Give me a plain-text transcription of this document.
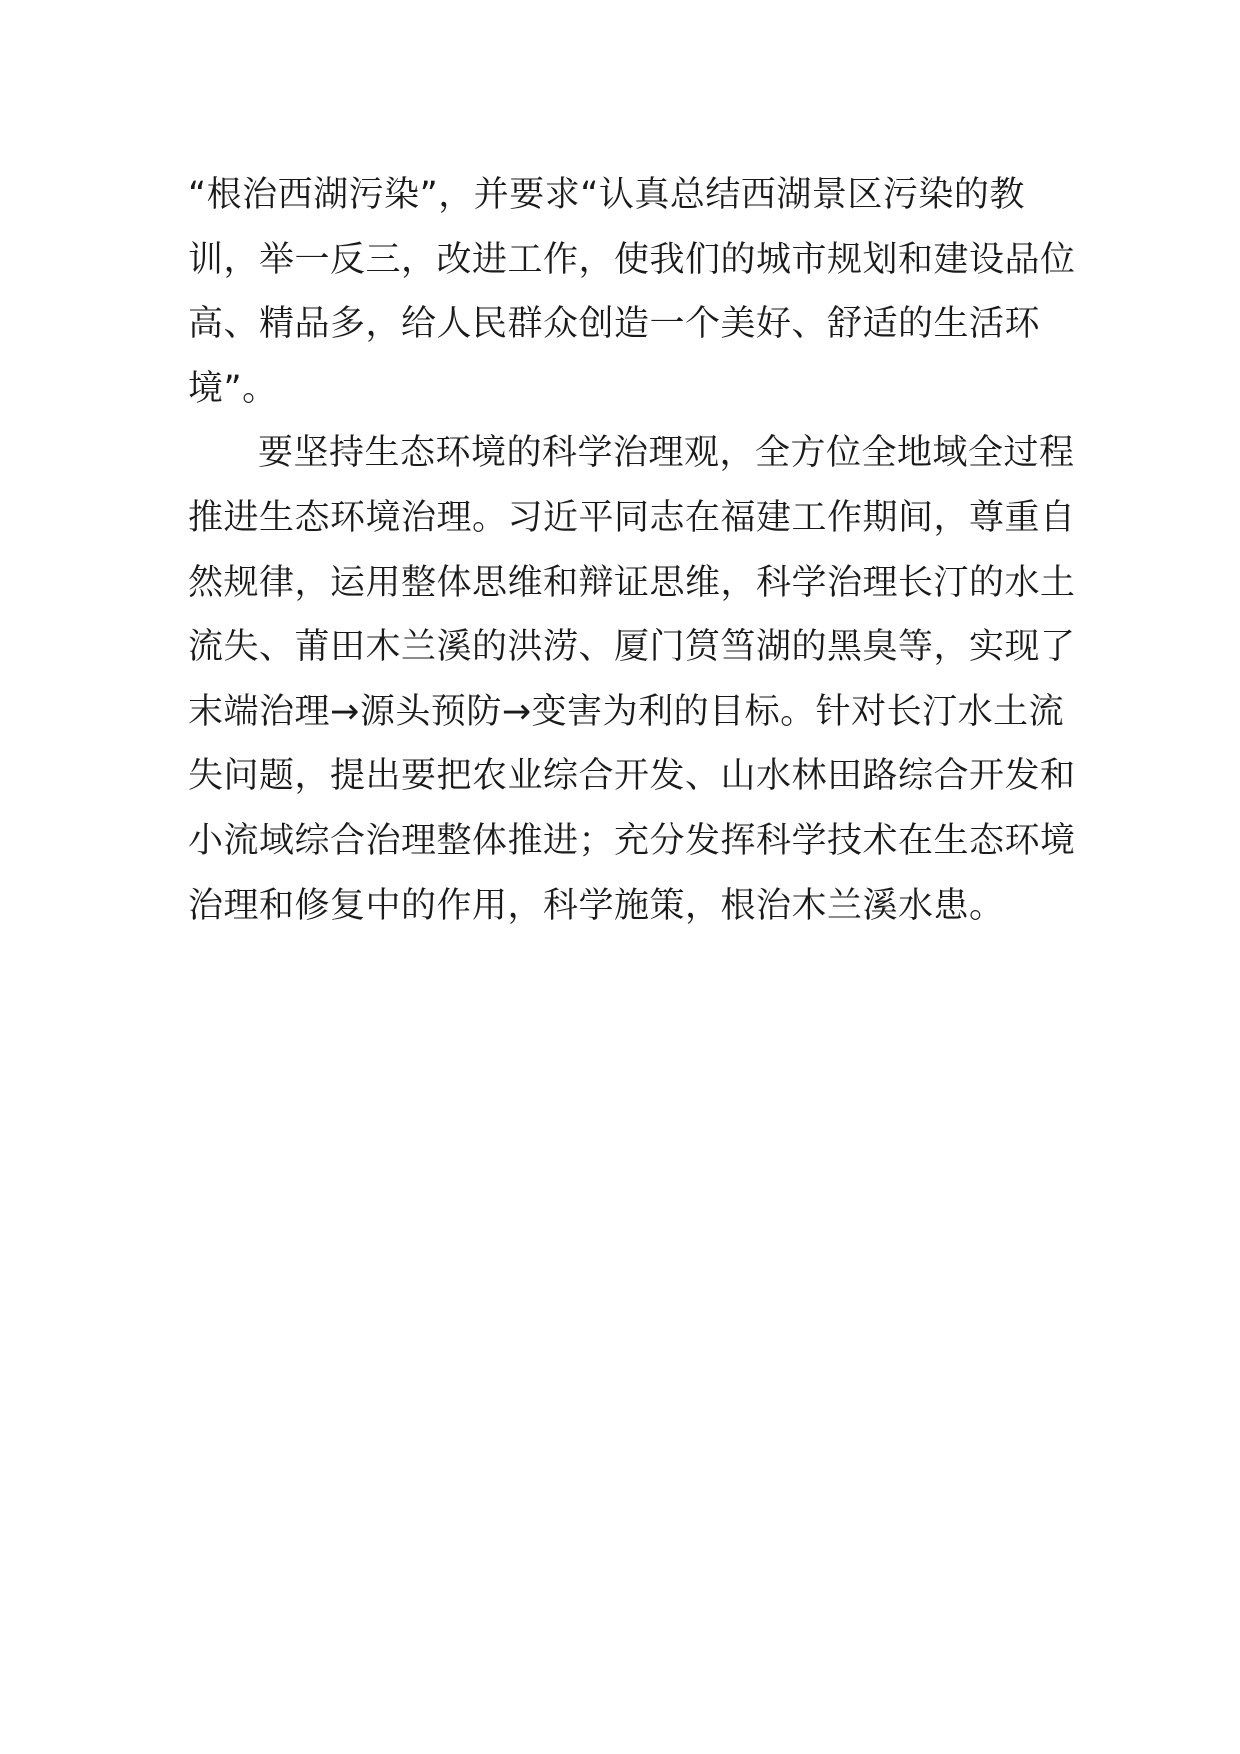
“根治西湖污染”，并要求“认真总结西湖景区污染的教
训，举一反三，改进工作，使我们的城市规划和建设品位
高、精品多，给人民群众创造一个美好、舒适的生活环
境”。
要坚持生态环境的科学治理观，全方位全地域全过程
推进生态环境治理。习近平同志在福建工作期间，尊重自
然规律，运用整体思维和辩证思维，科学治理长汀的水土
流失、莆田木兰溪的洪涝、厦门筼筜湖的黑臭等，实现了
末端治理→源头预防→变害为利的目标。针对长汀水土流
失问题，提出要把农业综合开发、山水林田路综合开发和
小流域综合治理整体推进；充分发挥科学技术在生态环境
治理和修复中的作用，科学施策，根治木兰溪水患。
